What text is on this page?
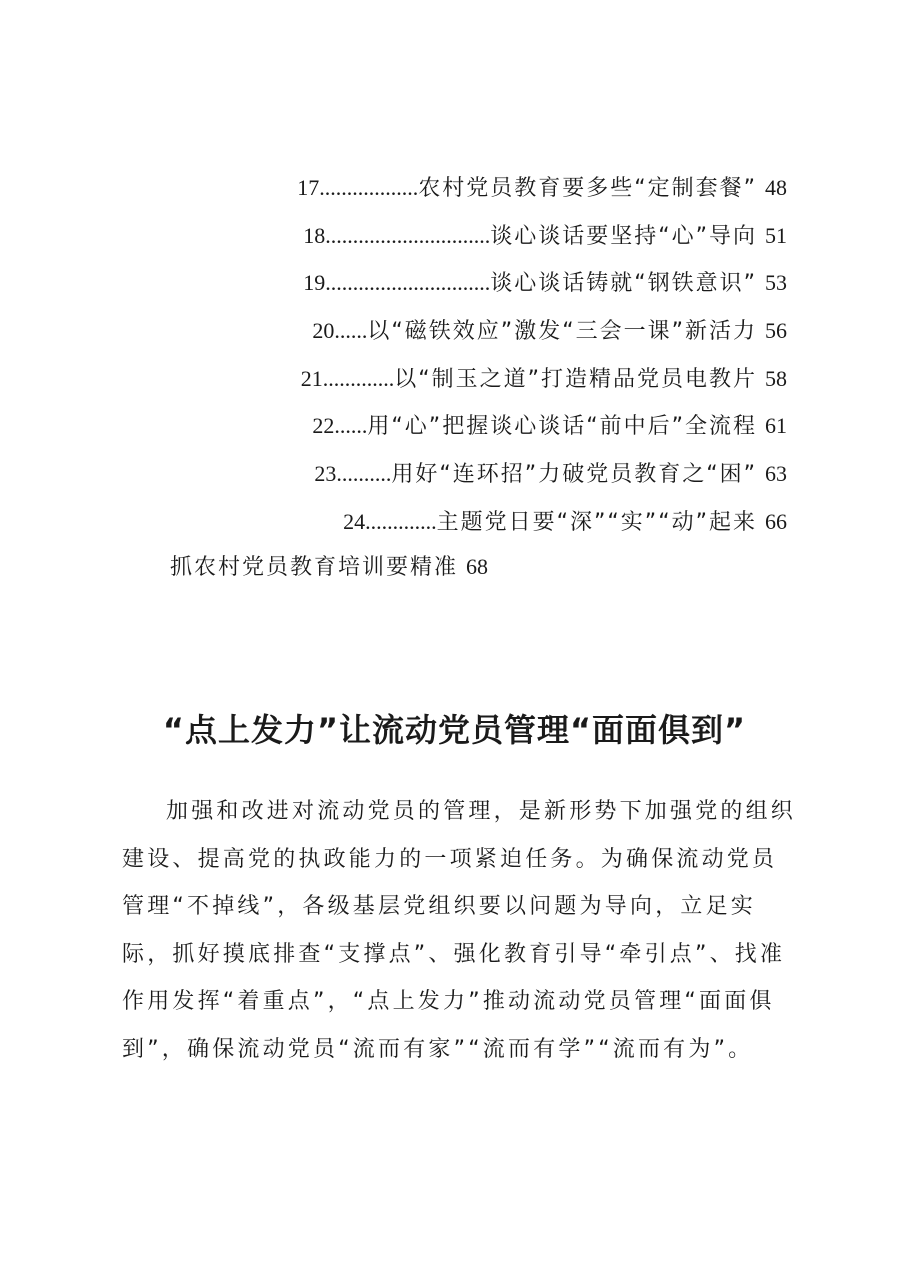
17..................农村党员教育要多些“定制套餐” 48
18..............................谈心谈话要坚持“心”导向 51
19..............................谈心谈话铸就“钢铁意识” 53
20......以“磁铁效应”激发“三会一课”新活力 56
21.............以“制玉之道”打造精品党员电教片 58
22......用“心”把握谈心谈话“前中后”全流程 61
23..........用好“连环招”力破党员教育之“困” 63
24.............主题党日要“深”“实”“动”起来 66
抓农村党员教育培训要精准 68
“点上发力”让流动党员管理“面面俱到”

加强和改进对流动党员的管理，是新形势下加强党的组织建设、提高党的执政能力的一项紧迫任务。为确保流动党员管理“不掉线”，各级基层党组织要以问题为导向，立足实际，抓好摸底排查“支撑点”、强化教育引导“牵引点”、找准作用发挥“着重点”，“点上发力”推动流动党员管理“面面俱到”，确保流动党员“流而有家”“流而有学”“流而有为”。
